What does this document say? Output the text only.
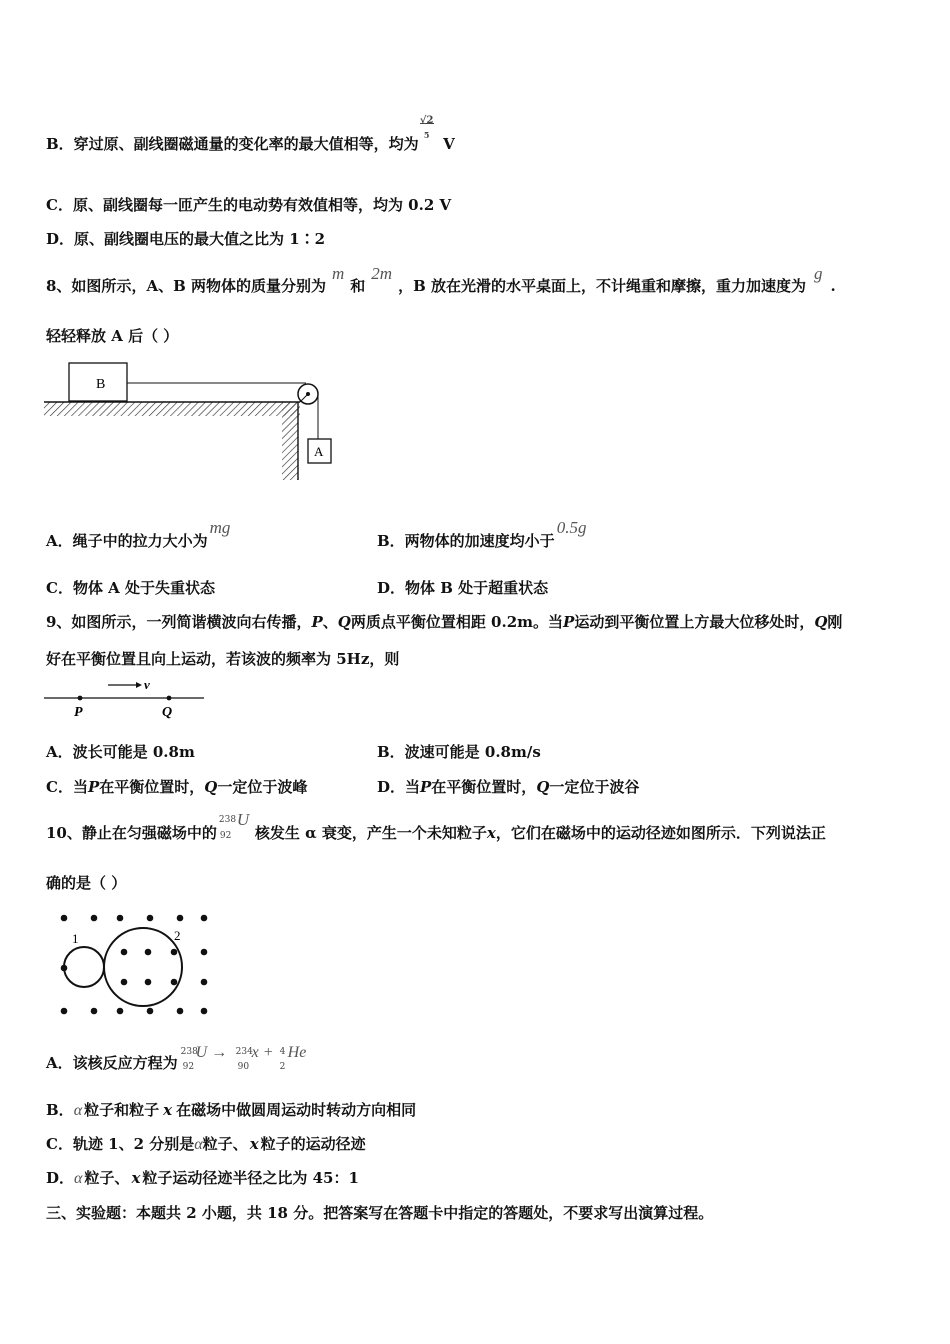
B．穿过原、副线圈磁通量的变化率的最大值相等，均为
√2
5 V
C．原、副线圈每一匝产生的电动势有效值相等，均为 0.2 V
D．原、副线圈电压的最大值之比为 1∶2
8、如图所示，A、B 两物体的质量分别为m和2m，B 放在光滑的水平桌面上，不计绳重和摩擦，重力加速度为g.
轻轻释放 A 后（ ）
B
A
A．绳子中的拉力大小为mg
B．两物体的加速度均小于0.5g
C．物体 A 处于失重状态	D．物体 B 处于超重状态
9、如图所示，一列简谐横波向右传播，P、Q两质点平衡位置相距 0.2m。当P运动到平衡位置上方最大位移处时，Q刚
好在平衡位置且向上运动，若该波的频率为 5Hz，则
v
P	Q
A．波长可能是 0.8m	B．波速可能是 0.8m/s
C．当P在平衡位置时，Q一定位于波峰	D．当P在平衡位置时，Q一定位于波谷
10、静止在匀强磁场中的
238
92
U
核发生 α 衰变，产生一个未知粒子x，它们在磁场中的运动径迹如图所示．下列说法正
确的是（ ）
1	2
A．该核反应方程为
238
92
U → 234
90
x + 4
2
He
B．α 粒子和粒子 x 在磁场中做圆周运动时转动方向相同
C．轨迹 1、2 分别是α粒子、 x 粒子的运动径迹
D．α 粒子、 x 粒子运动径迹半径之比为 45：1
三、实验题：本题共 2 小题，共 18 分。把答案写在答题卡中指定的答题处，不要求写出演算过程。
